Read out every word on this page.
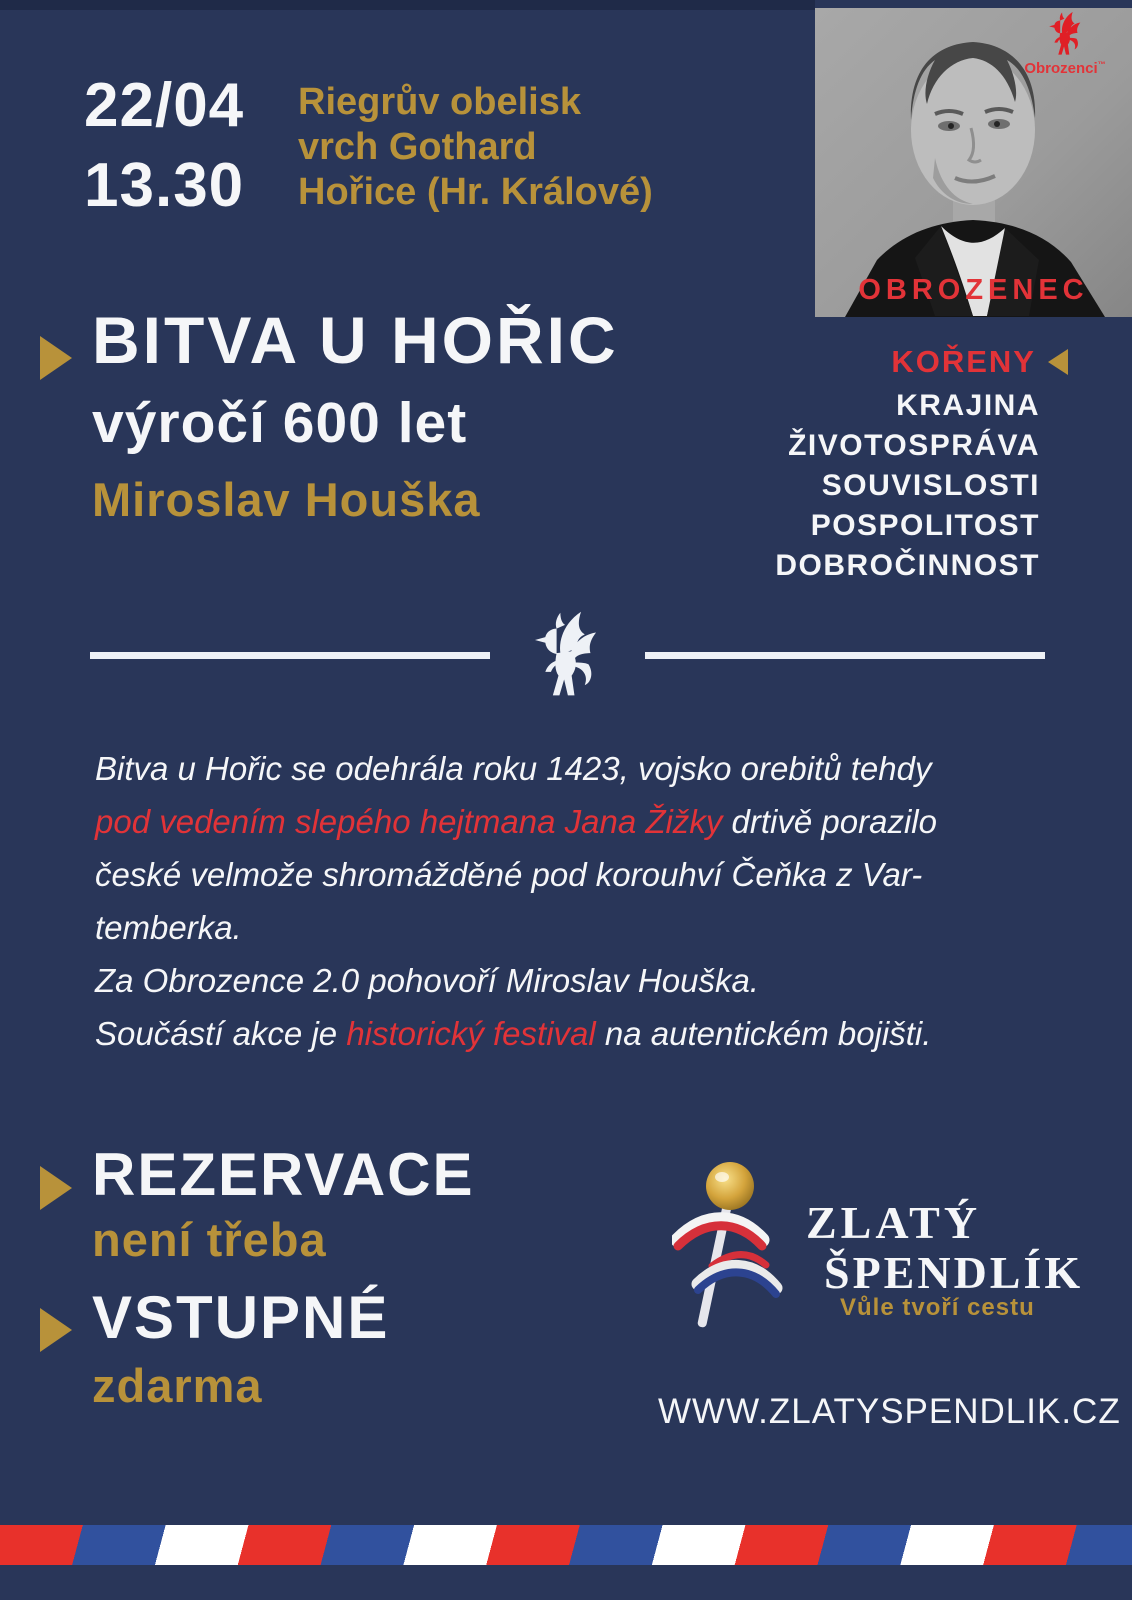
22/04
13.30
Riegrův obelisk
vrch Gothard
Hořice (Hr. Králové)
BITVA U HOŘIC
výročí 600 let
Miroslav Houška
OBROZENEC
Obrozenci™
KOŘENY
KRAJINA
ŽIVOTOSPRÁVA
SOUVISLOSTI
POSPOLITOST
DOBROČINNOST
Bitva u Hořic se odehrála roku 1423, vojsko orebitů tehdy
pod vedením slepého hejtmana Jana Žižky drtivě porazilo
české velmože shromážděné pod korouhví Čeňka z Var-
temberka.
Za Obrozence 2.0 pohovoří Miroslav Houška.
Součástí akce je historický festival na autentickém bojišti.
REZERVACE
není třeba
VSTUPNÉ
zdarma
ZLATÝ
ŠPENDLÍK
Vůle tvoří cestu
WWW.ZLATYSPENDLIK.CZ
